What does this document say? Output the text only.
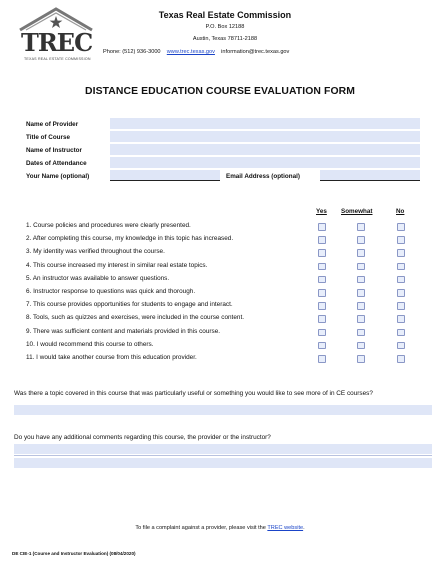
TREC
TEXAS REAL ESTATE COMMISSION
Texas Real Estate Commission
P.O. Box 12188
Austin, Texas 78711-2188
Phone: (512) 936-3000 www.trec.texas.gov information@trec.texas.gov
DISTANCE EDUCATION COURSE EVALUATION FORM
Name of Provider
Title of Course
Name of Instructor
Dates of Attendance
Your Name (optional)	Email Address (optional)
Yes Somewhat	No
1. Course policies and procedures were clearly presented.
2. After completing this course, my knowledge in this topic has increased.
3. My identity was verified throughout the course.
4. This course increased my interest in similar real estate topics.
5. An instructor was available to answer questions.
6. Instructor response to questions was quick and thorough.
7. This course provides opportunities for students to engage and interact.
8. Tools, such as quizzes and exercises, were included in the course content.
9. There was sufficient content and materials provided in this course.
10. I would recommend this course to others.
11. I would take another course from this education provider.
Was there a topic covered in this course that was particularly useful or something you would like to see more of in CE courses?
Do you have any additional comments regarding this course, the provider or the instructor?
To file a complaint against a provider, please visit the TREC website.
DE CIE-1 (Course and Instructor Evaluation) (08/04/2020)
